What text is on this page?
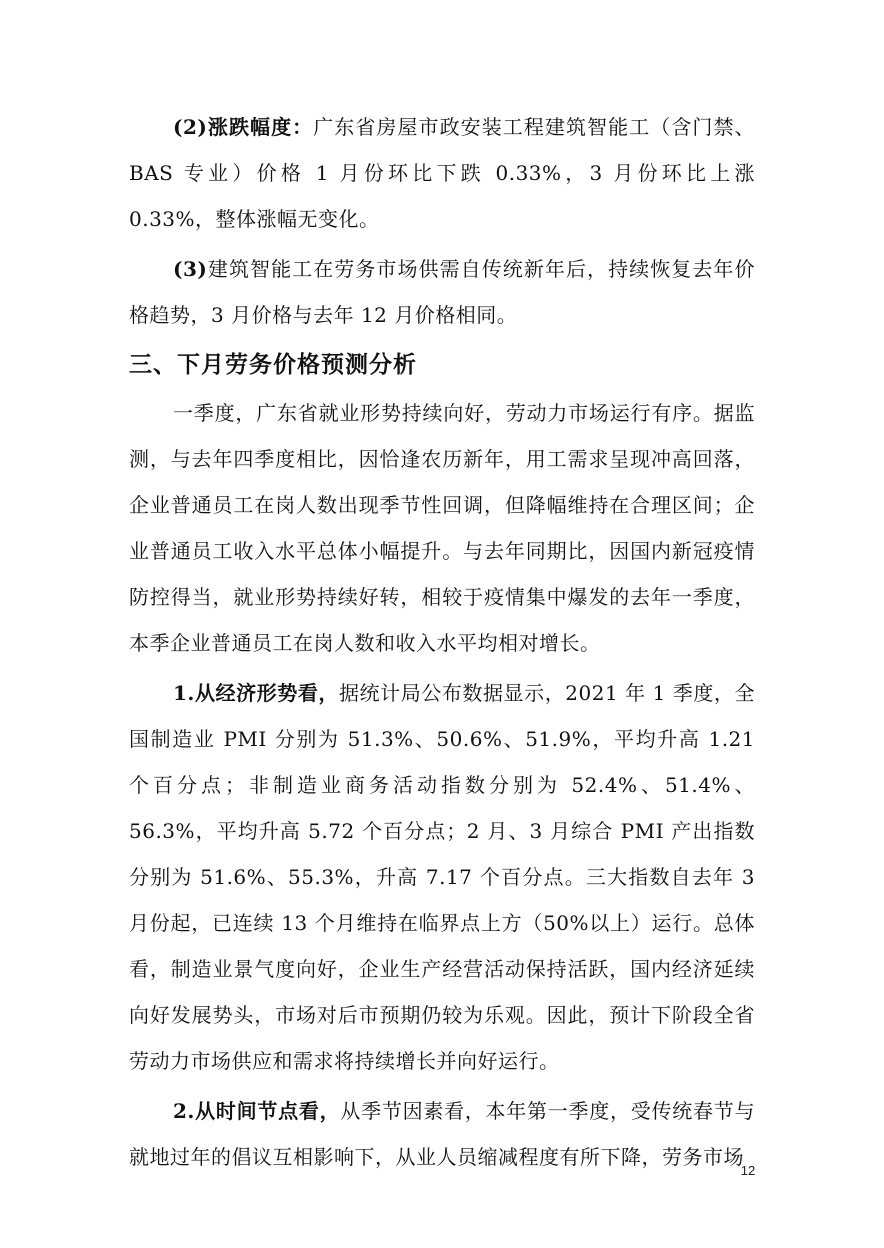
(2)涨跌幅度：广东省房屋市政安装工程建筑智能工（含门禁、BAS 专业）价格 1 月份环比下跌 0.33%，3 月份环比上涨 0.33%，整体涨幅无变化。

(3)建筑智能工在劳务市场供需自传统新年后，持续恢复去年价格趋势，3 月价格与去年 12 月价格相同。

三、下月劳务价格预测分析

一季度，广东省就业形势持续向好，劳动力市场运行有序。据监测，与去年四季度相比，因恰逢农历新年，用工需求呈现冲高回落，企业普通员工在岗人数出现季节性回调，但降幅维持在合理区间；企业普通员工收入水平总体小幅提升。与去年同期比，因国内新冠疫情防控得当，就业形势持续好转，相较于疫情集中爆发的去年一季度，本季企业普通员工在岗人数和收入水平均相对增长。

1.从经济形势看，据统计局公布数据显示，2021 年 1 季度，全国制造业 PMI 分别为 51.3%、50.6%、51.9%，平均升高 1.21 个百分点；非制造业商务活动指数分别为 52.4%、51.4%、56.3%，平均升高 5.72 个百分点；2 月、3 月综合 PMI 产出指数分别为 51.6%、55.3%，升高 7.17 个百分点。三大指数自去年 3 月份起，已连续 13 个月维持在临界点上方（50%以上）运行。总体看，制造业景气度向好，企业生产经营活动保持活跃，国内经济延续向好发展势头，市场对后市预期仍较为乐观。因此，预计下阶段全省劳动力市场供应和需求将持续增长并向好运行。

2.从时间节点看，从季节因素看，本年第一季度，受传统春节与就地过年的倡议互相影响下，从业人员缩减程度有所下降，劳务市场

12
